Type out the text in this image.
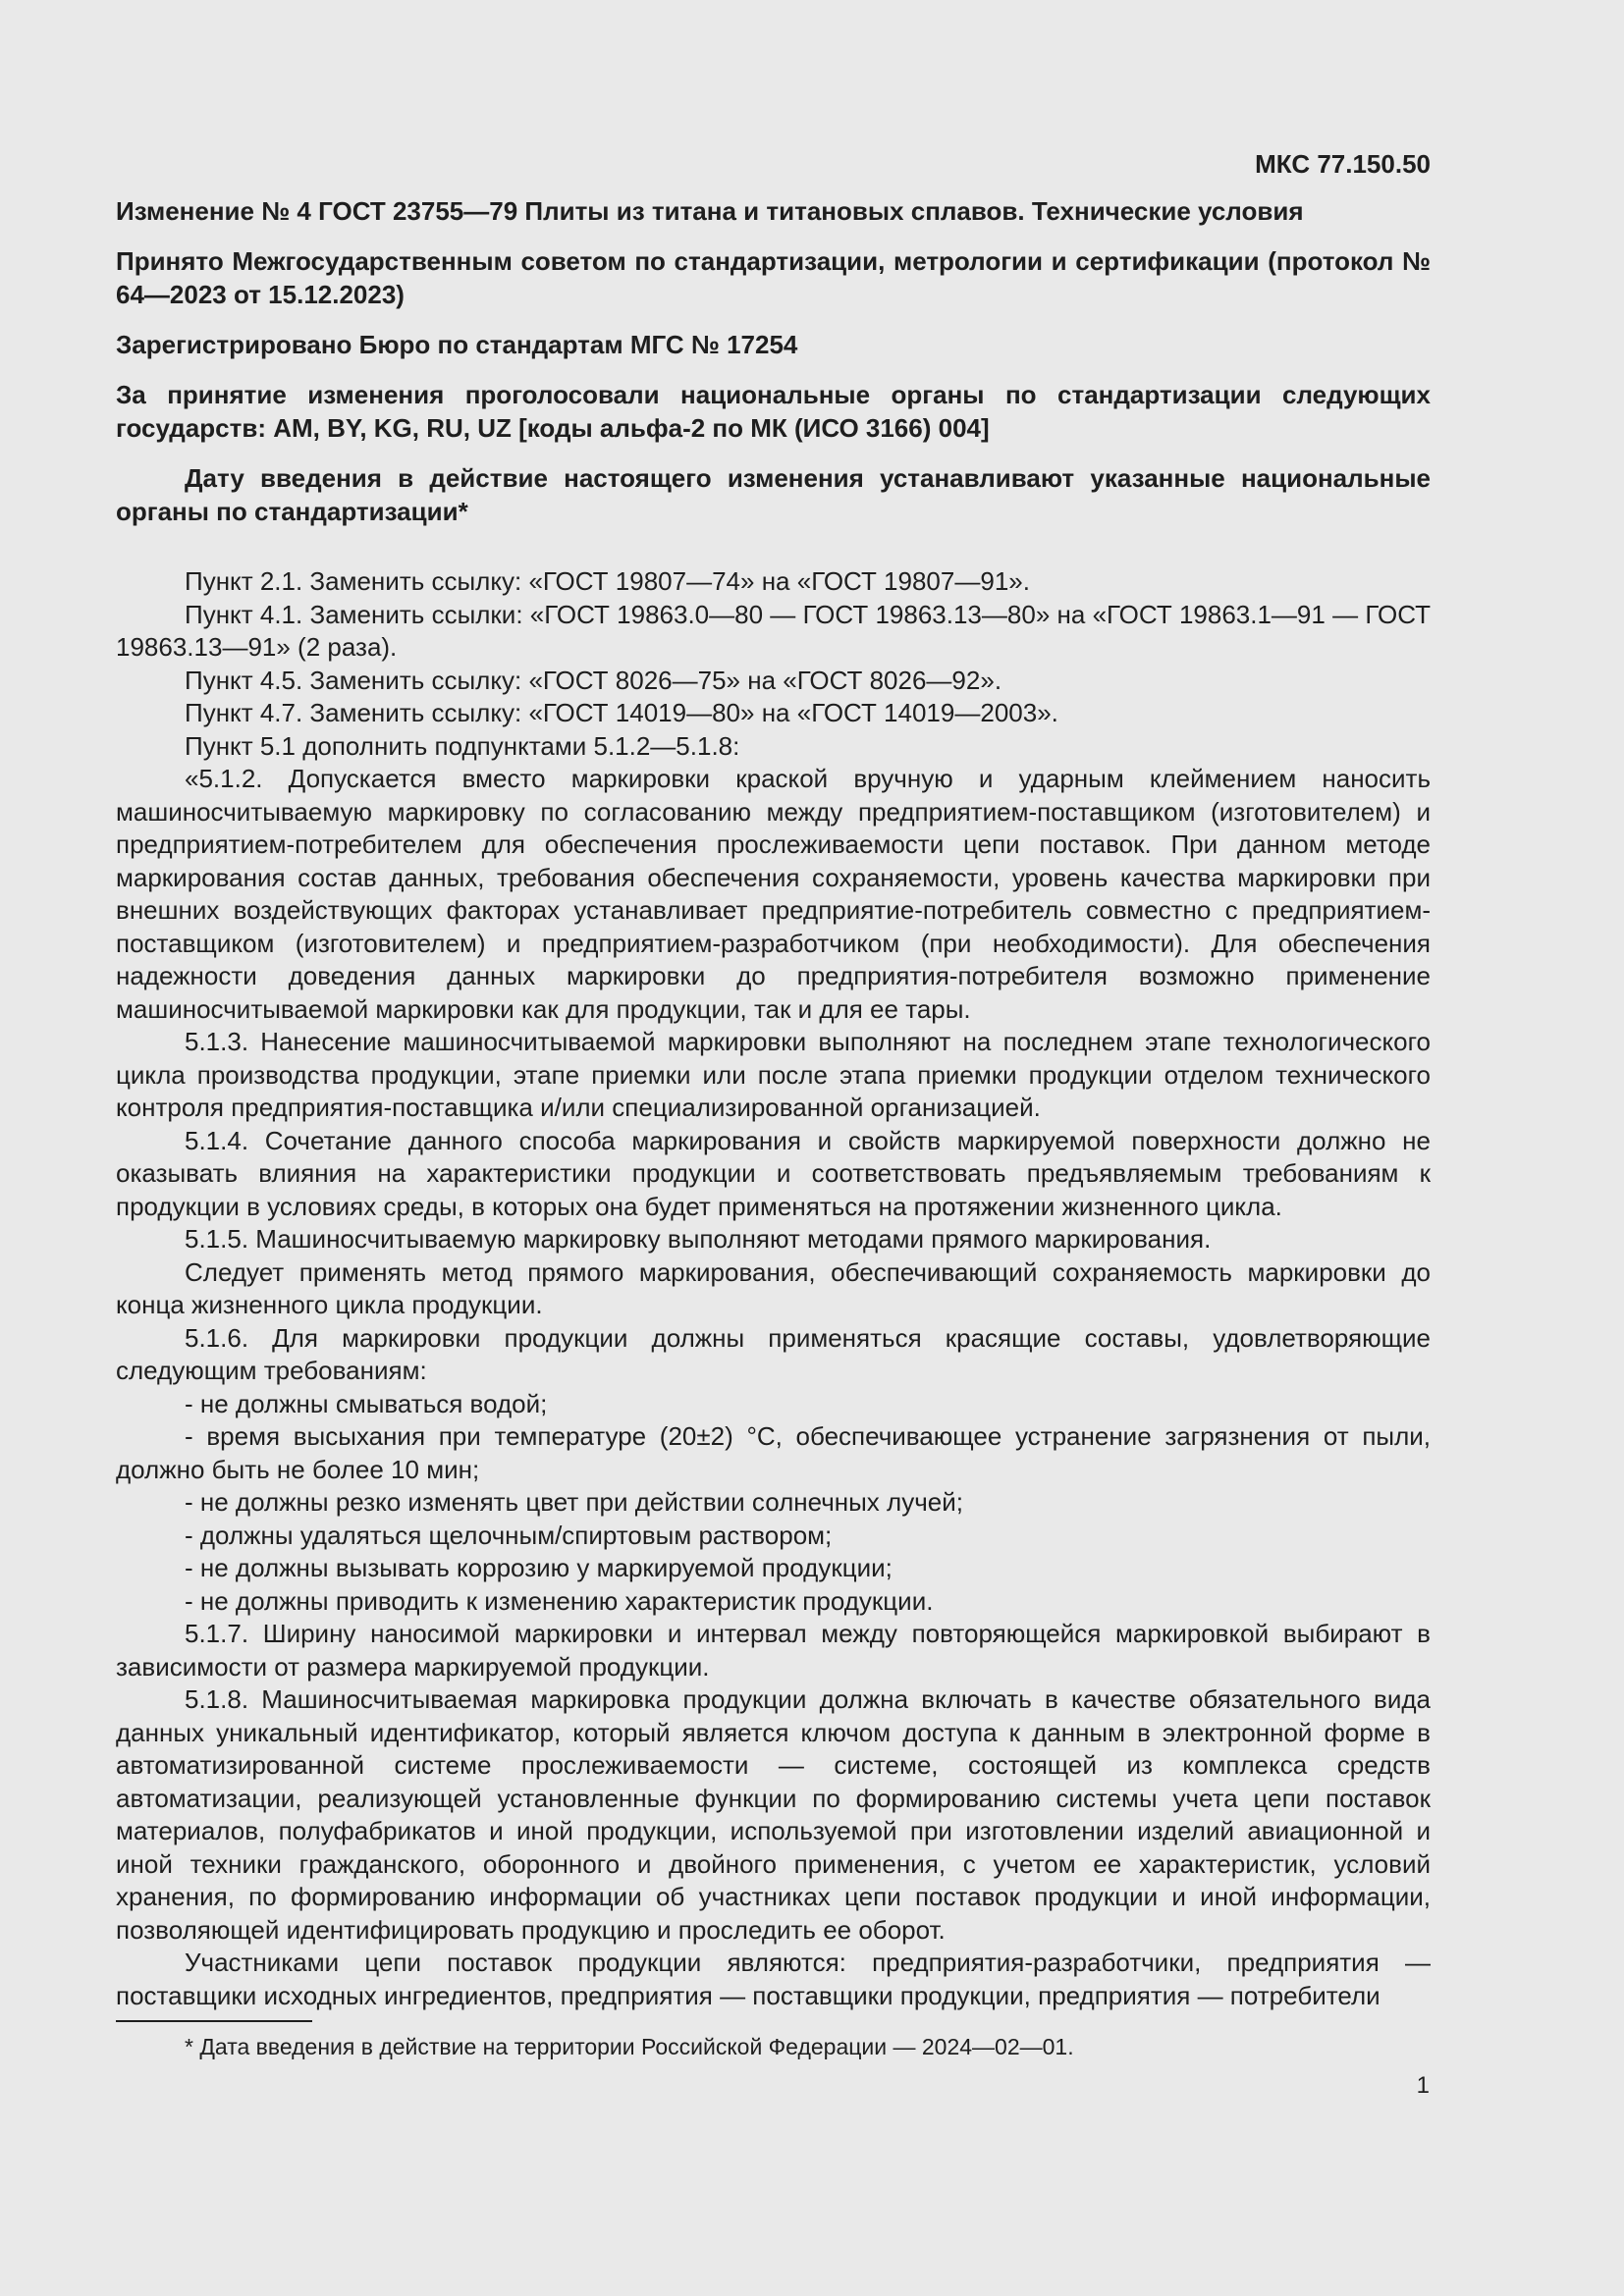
МКС 77.150.50
Изменение № 4 ГОСТ 23755—79 Плиты из титана и титановых сплавов. Технические условия
Принято Межгосударственным советом по стандартизации, метрологии и сертификации (протокол № 64—2023 от 15.12.2023)
Зарегистрировано Бюро по стандартам МГС № 17254
За принятие изменения проголосовали национальные органы по стандартизации следующих государств: AM, BY, KG, RU, UZ [коды альфа-2 по МК (ИСО 3166) 004]
Дату введения в действие настоящего изменения устанавливают указанные национальные органы по стандартизации*

Пункт 2.1. Заменить ссылку: «ГОСТ 19807—74» на «ГОСТ 19807—91».

Пункт 4.1. Заменить ссылки: «ГОСТ 19863.0—80 — ГОСТ 19863.13—80» на «ГОСТ 19863.1—91 — ГОСТ 19863.13—91» (2 раза).

Пункт 4.5. Заменить ссылку: «ГОСТ 8026—75» на «ГОСТ 8026—92».

Пункт 4.7. Заменить ссылку: «ГОСТ 14019—80» на «ГОСТ 14019—2003».

Пункт 5.1 дополнить подпунктами 5.1.2—5.1.8:

«5.1.2. Допускается вместо маркировки краской вручную и ударным клеймением наносить машиносчитываемую маркировку по согласованию между предприятием-поставщиком (изготовителем) и предприятием-потребителем для обеспечения прослеживаемости цепи поставок. При данном методе маркирования состав данных, требования обеспечения сохраняемости, уровень качества маркировки при внешних воздействующих факторах устанавливает предприятие-потребитель совместно с предприятием-поставщиком (изготовителем) и предприятием-разработчиком (при необходимости). Для обеспечения надежности доведения данных маркировки до предприятия-потребителя возможно применение машиносчитываемой маркировки как для продукции, так и для ее тары.

5.1.3. Нанесение машиносчитываемой маркировки выполняют на последнем этапе технологического цикла производства продукции, этапе приемки или после этапа приемки продукции отделом технического контроля предприятия-поставщика и/или специализированной организацией.

5.1.4. Сочетание данного способа маркирования и свойств маркируемой поверхности должно не оказывать влияния на характеристики продукции и соответствовать предъявляемым требованиям к продукции в условиях среды, в которых она будет применяться на протяжении жизненного цикла.

5.1.5. Машиносчитываемую маркировку выполняют методами прямого маркирования.

Следует применять метод прямого маркирования, обеспечивающий сохраняемость маркировки до конца жизненного цикла продукции.

5.1.6. Для маркировки продукции должны применяться красящие составы, удовлетворяющие следующим требованиям:

- не должны смываться водой;

- время высыхания при температуре (20±2) °С, обеспечивающее устранение загрязнения от пыли, должно быть не более 10 мин;

- не должны резко изменять цвет при действии солнечных лучей;

- должны удаляться щелочным/спиртовым раствором;

- не должны вызывать коррозию у маркируемой продукции;

- не должны приводить к изменению характеристик продукции.

5.1.7. Ширину наносимой маркировки и интервал между повторяющейся маркировкой выбирают в зависимости от размера маркируемой продукции.

5.1.8. Машиносчитываемая маркировка продукции должна включать в качестве обязательного вида данных уникальный идентификатор, который является ключом доступа к данным в электронной форме в автоматизированной системе прослеживаемости — системе, состоящей из комплекса средств автоматизации, реализующей установленные функции по формированию системы учета цепи поставок материалов, полуфабрикатов и иной продукции, используемой при изготовлении изделий авиационной и иной техники гражданского, оборонного и двойного применения, с учетом ее характеристик, условий хранения, по формированию информации об участниках цепи поставок продукции и иной информации, позволяющей идентифицировать продукцию и проследить ее оборот.

Участниками цепи поставок продукции являются: предприятия-разработчики, предприятия — поставщики исходных ингредиентов, предприятия — поставщики продукции, предприятия — потребители

* Дата введения в действие на территории Российской Федерации — 2024—02—01.

1
